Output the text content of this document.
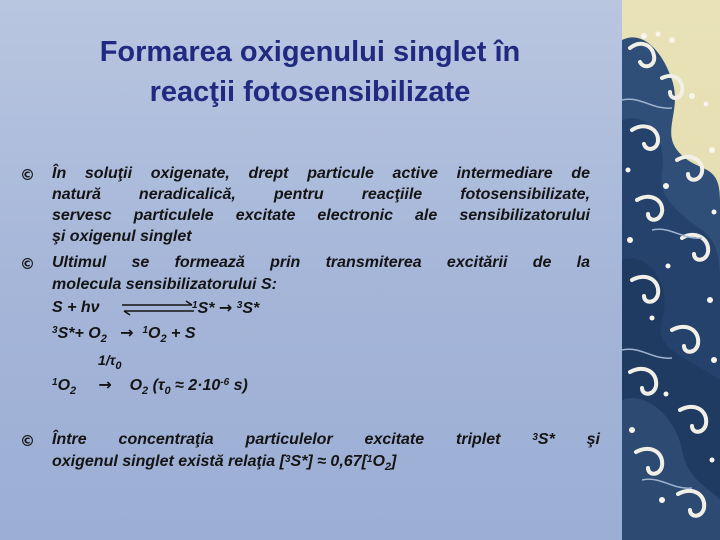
Formarea oxigenului singlet în
reacţii fotosensibilizate
© În soluţii oxigenate, drept particule active intermediare de
natură neradicalică, pentru reacţiile fotosensibilizate,
servesc particulele excitate electronic ale sensibilizatorului
şi oxigenul singlet
© Ultimul se formează prin transmiterea excitării de la
molecula sensibilizatorului S:
S + hν	$^1$S* → $^3$S*
$^3S*+ O_2 \to ^1O_2 + S$
$1/\tau_0$
$^1O_2 \to O_2$ ($\tau_0 \approx 2\cdot 10^{-6}$ s)
© Între concentraţia particulelor excitate triplet	$^3$S* şi
oxigenul singlet există relaţia $[^3S*] \approx 0,67[^1O_2]$
